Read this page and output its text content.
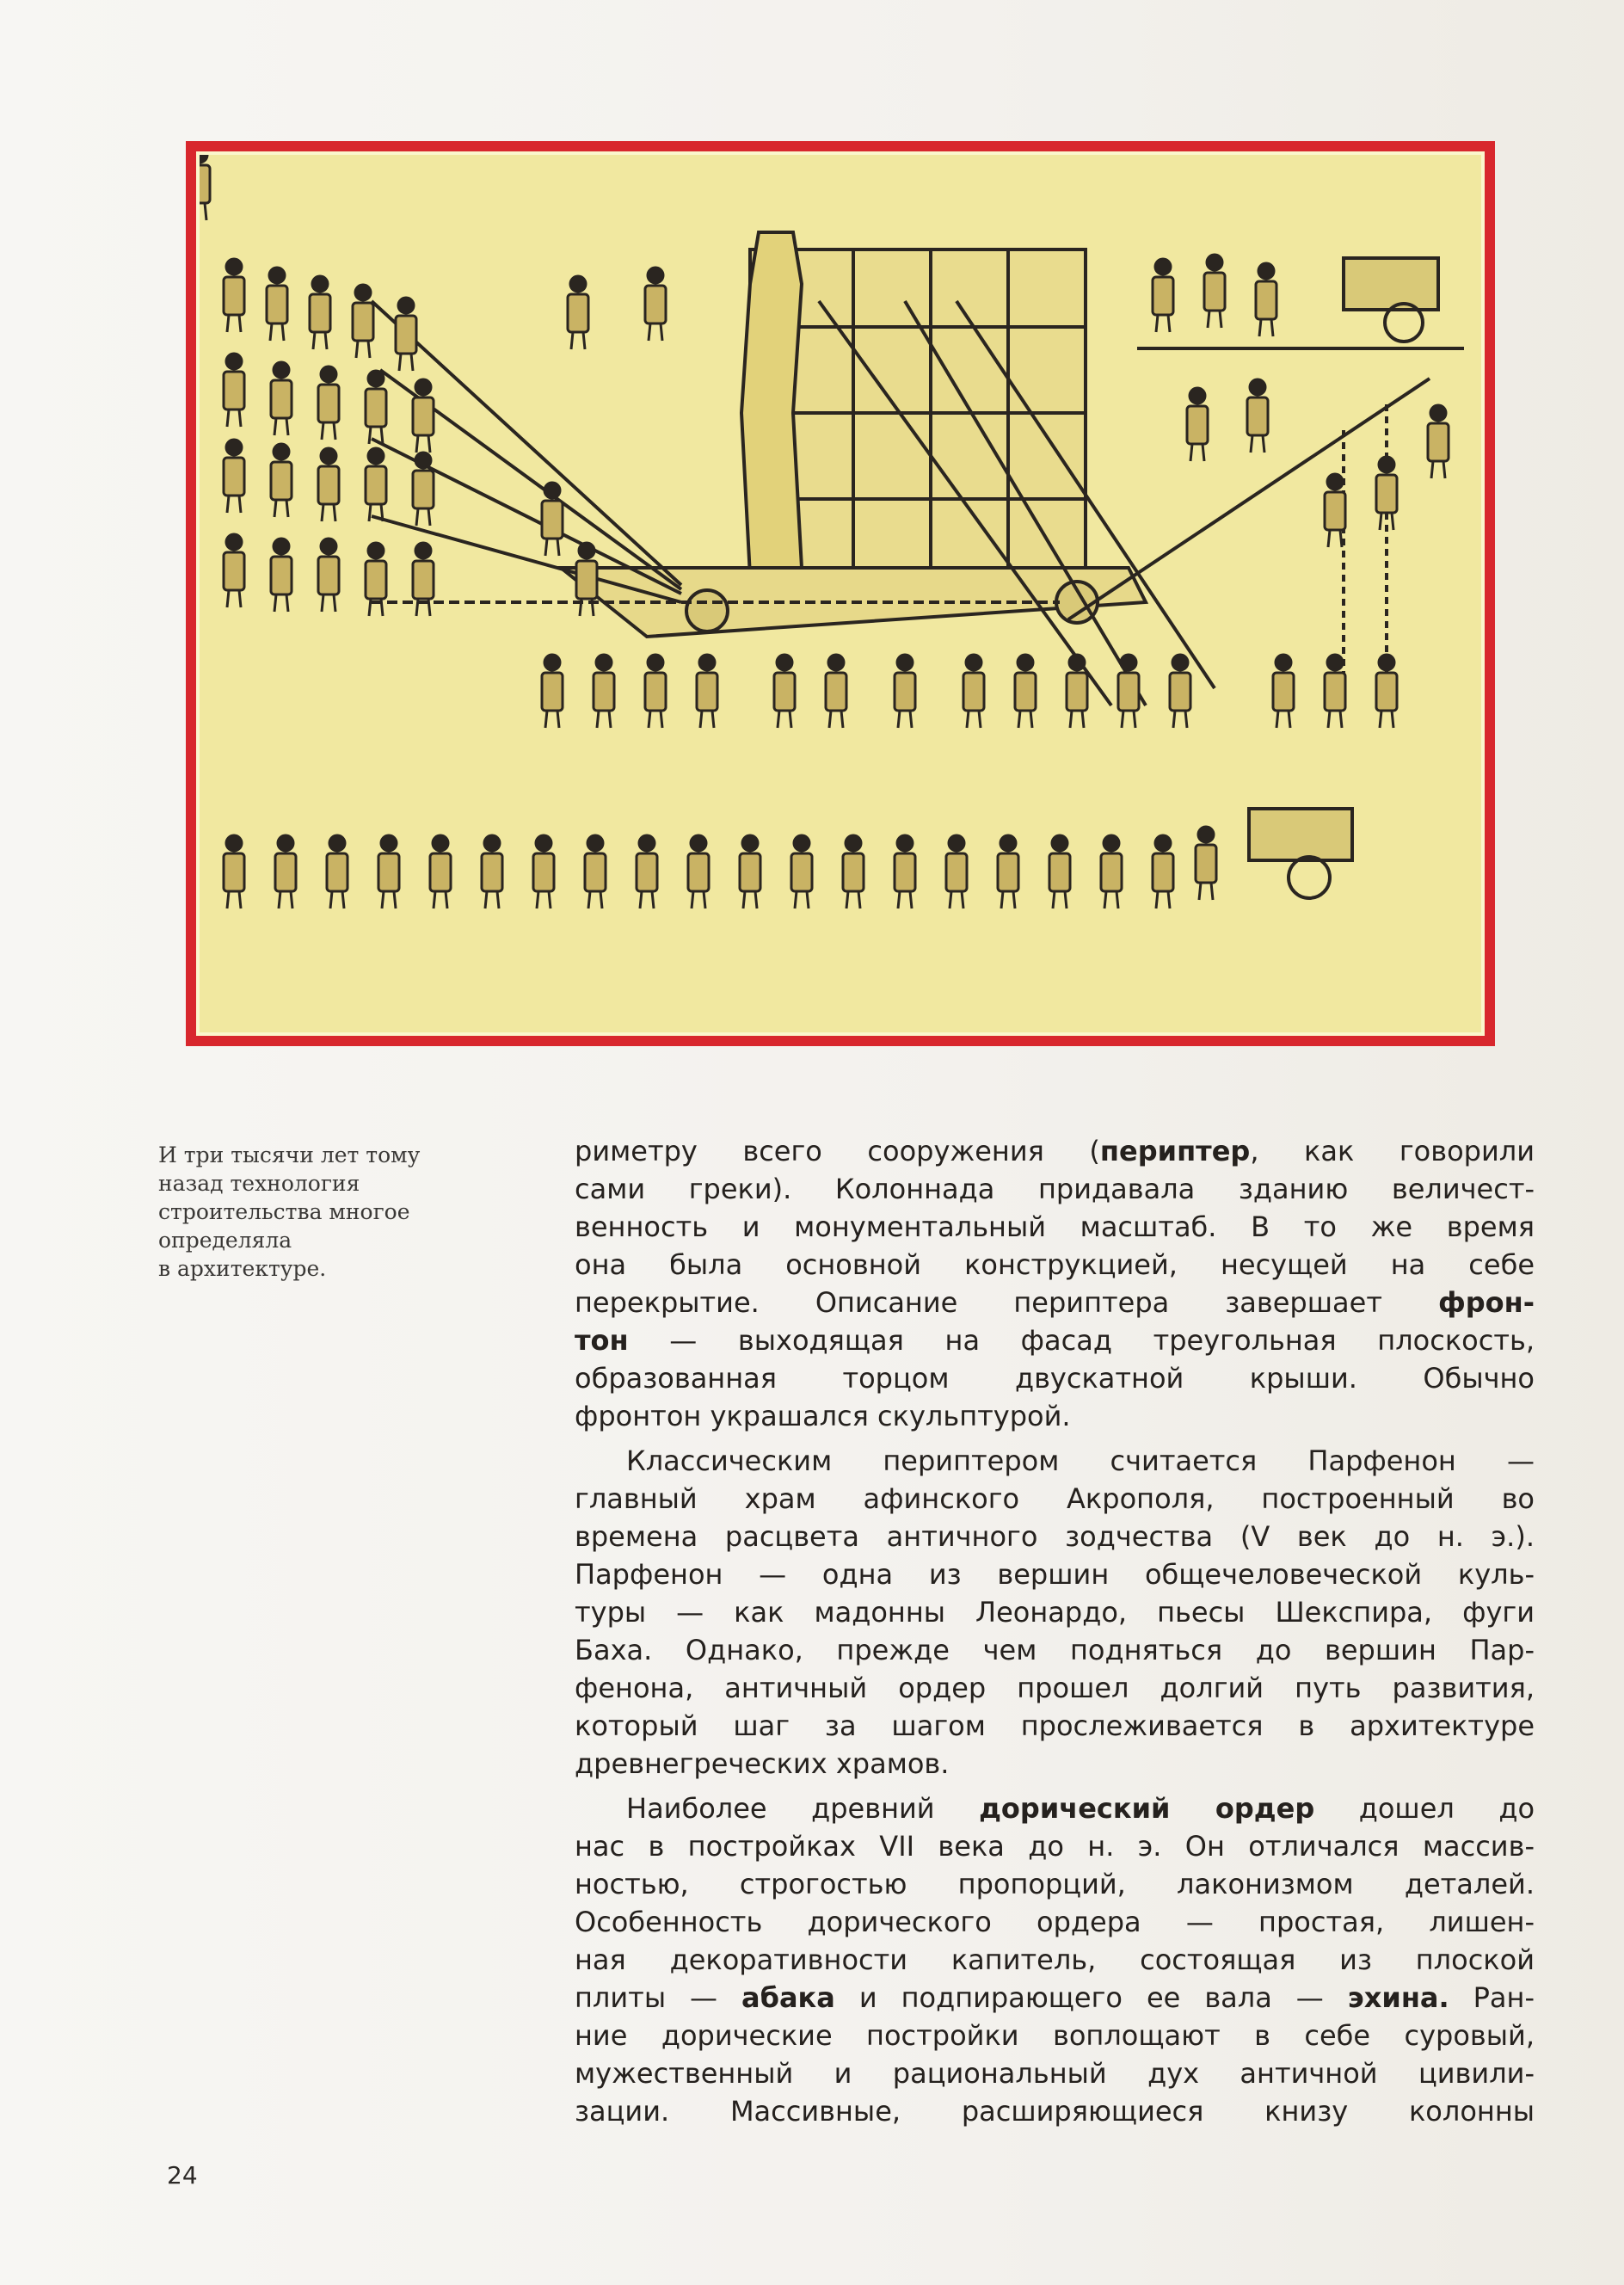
И три тысячи лет тому
назад технология
строительства многое
определяла
в архитектуре.

риметру всего сооружения (периптер, как говорили
сами греки). Колоннада придавала зданию величест-
венность и монументальный масштаб. В то же время
она была основной конструкцией, несущей на себе
перекрытие. Описание периптера завершает фрон-
тон — выходящая на фасад треугольная плоскость,
образованная торцом двускатной крыши. Обычно
фронтон украшался скульптурой.
Классическим периптером считается Парфенон —
главный храм афинского Акрополя, построенный во
времена расцвета античного зодчества (V век до н. э.).
Парфенон — одна из вершин общечеловеческой куль-
туры — как мадонны Леонардо, пьесы Шекспира, фуги
Баха. Однако, прежде чем подняться до вершин Пар-
фенона, античный ордер прошел долгий путь развития,
который шаг за шагом прослеживается в архитектуре
древнегреческих храмов.
Наиболее древний дорический ордер дошел до
нас в постройках VII века до н. э. Он отличался массив-
ностью, строгостью пропорций, лаконизмом деталей.
Особенность дорического ордера — простая, лишен-
ная декоративности капитель, состоящая из плоской
плиты — абака и подпирающего ее вала — эхина. Ран-
ние дорические постройки воплощают в себе суровый,
мужественный и рациональный дух античной цивили-
зации. Массивные, расширяющиеся книзу колонны
24
